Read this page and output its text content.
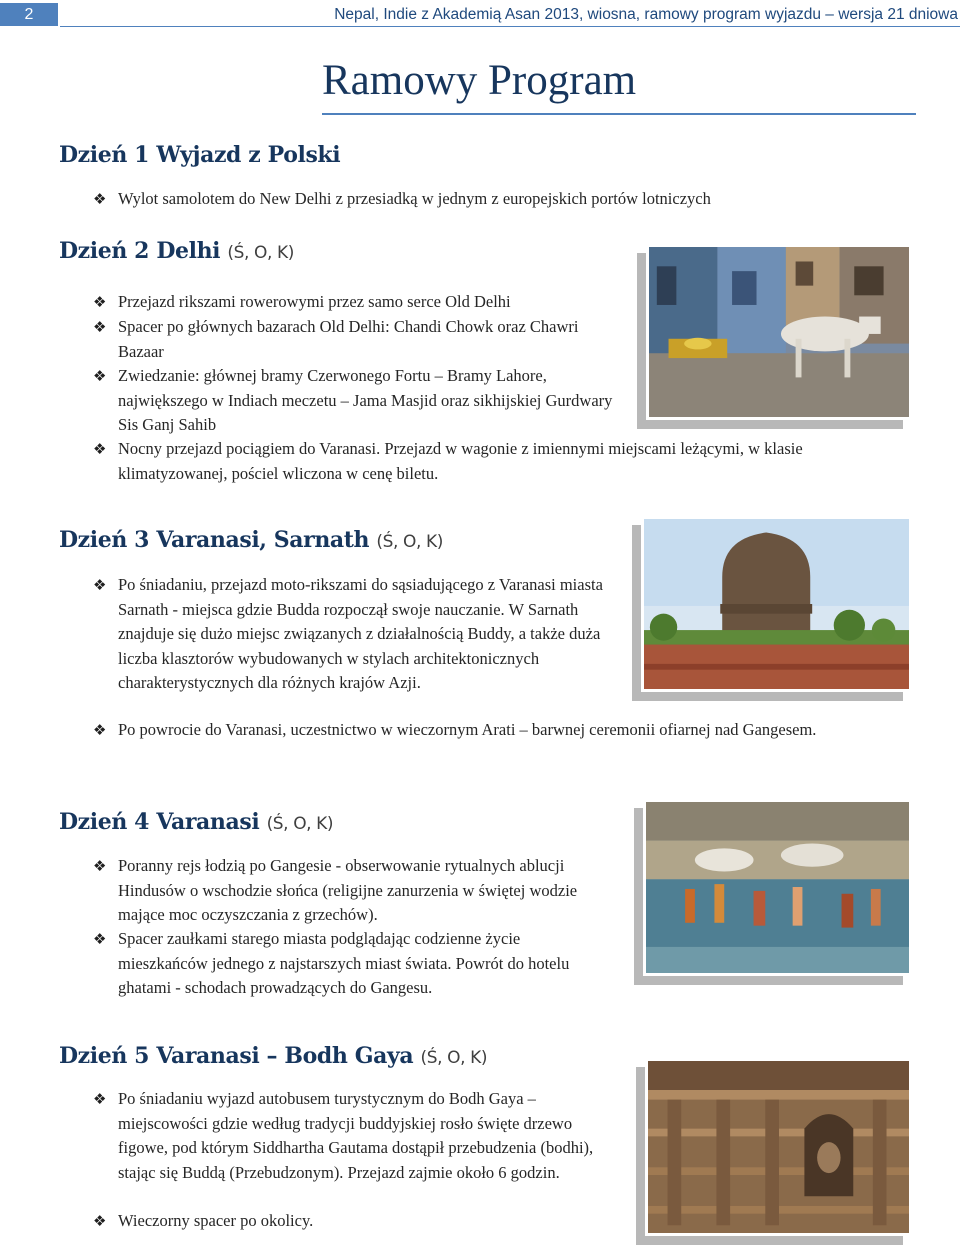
2	Nepal, Indie z Akademią Asan 2013, wiosna, ramowy program wyjazdu – wersja 21 dniowa
Ramowy Program
Dzień 1 Wyjazd z Polski
❖ Wylot samolotem do New Delhi z przesiadką w jednym z europejskich portów lotniczych
Dzień 2 Delhi (Ś, O, K)
❖ Przejazd rikszami rowerowymi przez samo serce Old Delhi
❖ Spacer po głównych bazarach Old Delhi: Chandi Chowk oraz Chawri Bazaar
❖ Zwiedzanie: głównej bramy Czerwonego Fortu – Bramy Lahore, największego w Indiach meczetu – Jama Masjid oraz sikhijskiej Gurdwary Sis Ganj Sahib
❖ Nocny przejazd pociągiem do Varanasi. Przejazd w wagonie z imiennymi miejscami leżącymi, w klasie klimatyzowanej, pościel wliczona w cenę biletu.
Dzień 3 Varanasi, Sarnath (Ś, O, K)
❖ Po śniadaniu, przejazd moto-rikszami do sąsiadującego z Varanasi miasta Sarnath - miejsca gdzie Budda rozpoczął swoje nauczanie. W Sarnath znajduje się dużo miejsc związanych z działalnością Buddy, a także duża liczba klasztorów wybudowanych w stylach architektonicznych charakterystycznych dla różnych krajów Azji.
❖ Po powrocie do Varanasi, uczestnictwo w wieczornym Arati – barwnej ceremonii ofiarnej nad Gangesem.
Dzień 4 Varanasi (Ś, O, K)
❖ Poranny rejs łodzią po Gangesie - obserwowanie rytualnych ablucji Hindusów o wschodzie słońca (religijne zanurzenia w świętej wodzie mające moc oczyszczania z grzechów).
❖ Spacer zaułkami starego miasta podglądając codzienne życie mieszkańców jednego z najstarszych miast świata. Powrót do hotelu ghatami - schodach prowadzących do Gangesu.
Dzień 5 Varanasi – Bodh Gaya (Ś, O, K)
❖ Po śniadaniu wyjazd autobusem turystycznym do Bodh Gaya – miejscowości gdzie według tradycji buddyjskiej rosło święte drzewo figowe, pod którym Siddhartha Gautama dostąpił przebudzenia (bodhi), stając się Buddą (Przebudzonym). Przejazd zajmie około 6 godzin.
❖ Wieczorny spacer po okolicy.
